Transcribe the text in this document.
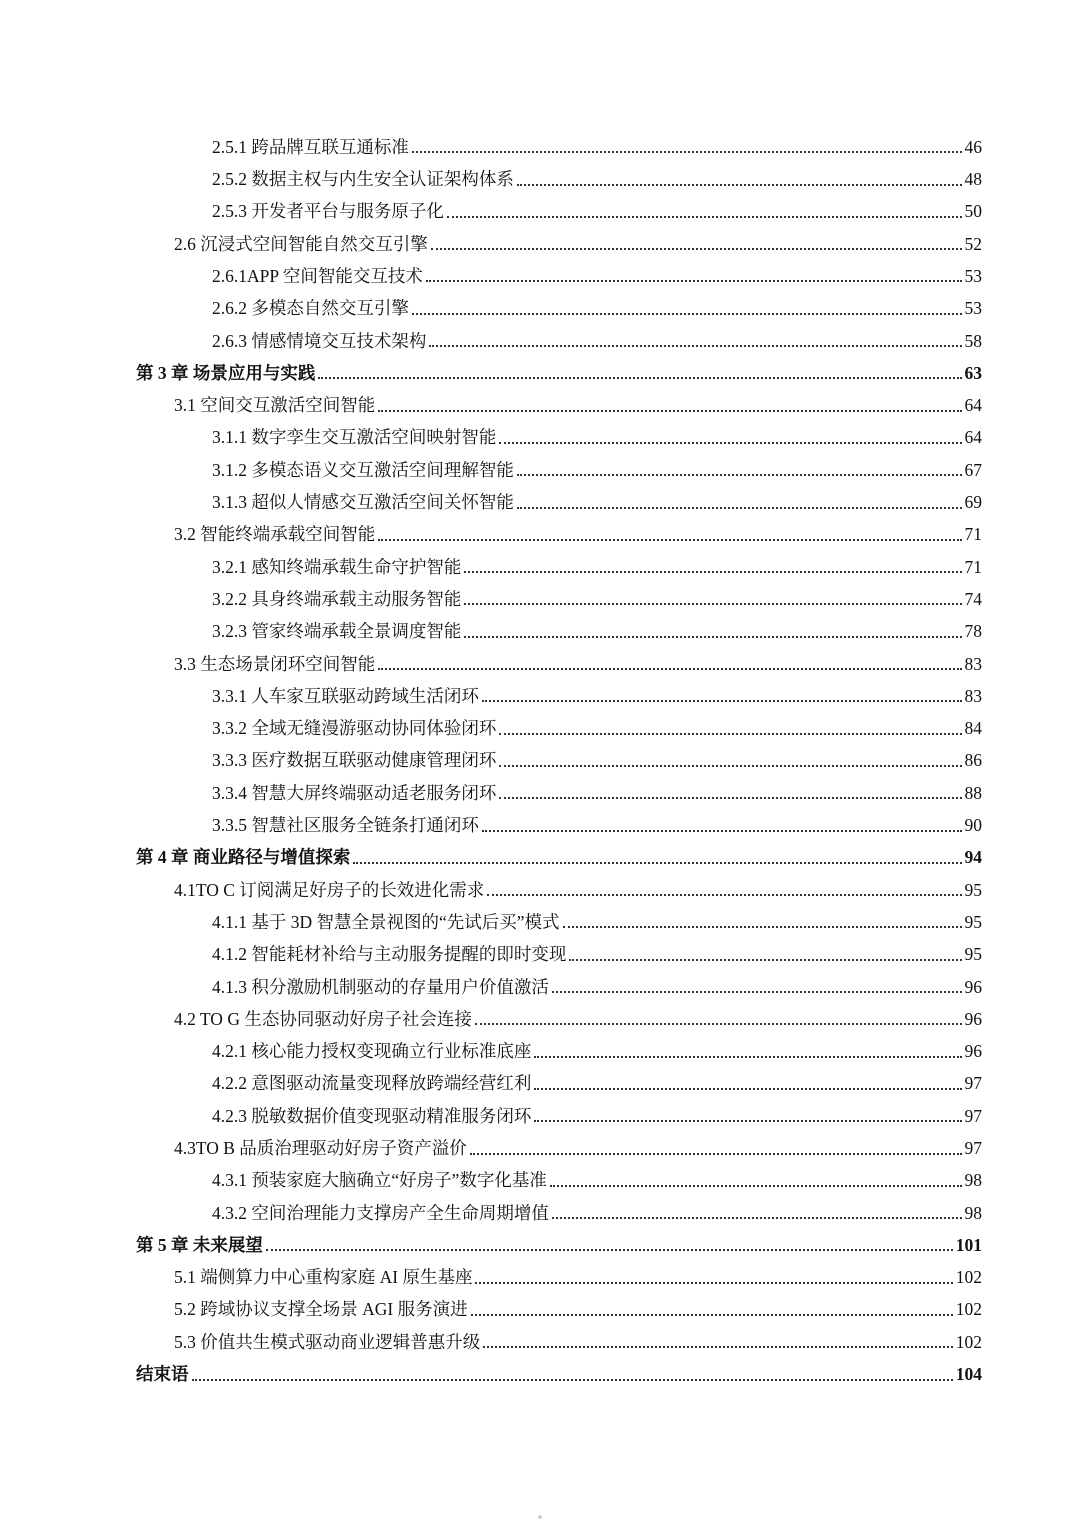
2.5.1 跨品牌互联互通标准	46
2.5.2 数据主权与内生安全认证架构体系	48
2.5.3 开发者平台与服务原子化	50
2.6 沉浸式空间智能自然交互引擎	52
2.6.1APP 空间智能交互技术	53
2.6.2 多模态自然交互引擎	53
2.6.3 情感情境交互技术架构	58
第 3 章 场景应用与实践	63
3.1 空间交互激活空间智能	64
3.1.1 数字孪生交互激活空间映射智能	64
3.1.2 多模态语义交互激活空间理解智能	67
3.1.3 超似人情感交互激活空间关怀智能	69
3.2 智能终端承载空间智能	71
3.2.1 感知终端承载生命守护智能	71
3.2.2 具身终端承载主动服务智能	74
3.2.3 管家终端承载全景调度智能	78
3.3 生态场景闭环空间智能	83
3.3.1 人车家互联驱动跨域生活闭环	83
3.3.2 全域无缝漫游驱动协同体验闭环	84
3.3.3 医疗数据互联驱动健康管理闭环	86
3.3.4 智慧大屏终端驱动适老服务闭环	88
3.3.5 智慧社区服务全链条打通闭环	90
第 4 章 商业路径与增值探索	94
4.1TO C 订阅满足好房子的长效进化需求	95
4.1.1 基于 3D 智慧全景视图的“先试后买”模式	95
4.1.2 智能耗材补给与主动服务提醒的即时变现	95
4.1.3 积分激励机制驱动的存量用户价值激活	96
4.2 TO G 生态协同驱动好房子社会连接	96
4.2.1 核心能力授权变现确立行业标准底座	96
4.2.2 意图驱动流量变现释放跨端经营红利	97
4.2.3 脱敏数据价值变现驱动精准服务闭环	97
4.3TO B 品质治理驱动好房子资产溢价	97
4.3.1 预装家庭大脑确立“好房子”数字化基准	98
4.3.2 空间治理能力支撑房产全生命周期增值	98
第 5 章 未来展望	101
5.1 端侧算力中心重构家庭 AI 原生基座	102
5.2 跨域协议支撑全场景 AGI 服务演进	102
5.3 价值共生模式驱动商业逻辑普惠升级	102
结束语	104
